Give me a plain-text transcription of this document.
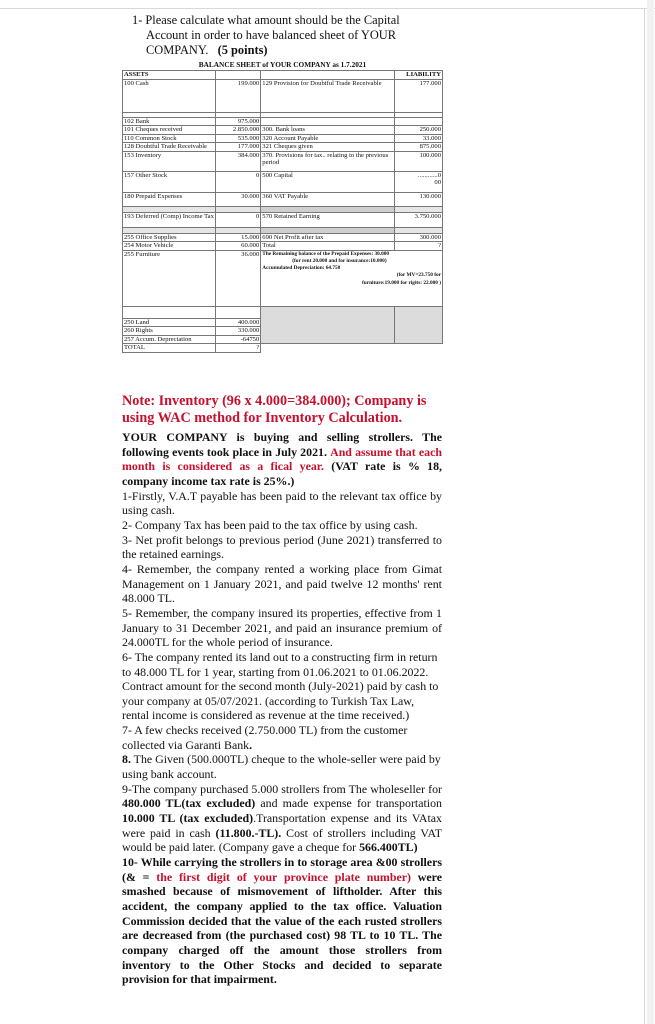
1- Please calculate what amount should be the Capital
Account in order to have balanced sheet of YOUR
COMPANY. (5 points)
BALANCE SHEET of YOUR COMPANY as 1.7.2021
ASSETS			LIABILITY
100 Cash	199.000	129 Provision for Doubtful Trade Receivable	177.000

102 Bank	975.000		
101 Cheques received	2.850.000	300. Bank loans	250.000
110 Common Stock	535.000	320 Account Payable	33.000
128 Doubtful Trade Receivable	177.000	321 Cheques given	875.000
153 Inventory	384.000	370. Provisions for tax.. relating to the previous period	100.000
157 Other Stock	0	500 Capital	............0
00
180 Prepaid Expenses	30.000	360 VAT Payable	130.000

193 Deferred (Comp) Income Tax	0	570 Retained Earning	3.750.000

255 Office Supplies	15.000	690 Net Profit after tax	300.000
254 Motor Vehicle	60.000	Total	?
255 Furniture	36.000	The Remaining balance of the Prepaid Expenses: 30.000
(for rent 20.000 and for insurance:10.000)
Accumulated Depreciation: 64.750
(for MV=23.750 for
furniture:19.000 for rigits: 22.000 )	

250 Land	400.000		
260 Rights	330.000		
257 Accum. Depreciation	-64750		
TOTAL	?		

Note: Inventory (96 x 4.000=384.000); Company is
using WAC method for Inventory Calculation.

YOUR COMPANY is buying and selling strollers. The following events took place in July 2021. And assume that each month is considered as a fical year. (VAT rate is % 18, company income tax rate is 25%.)

1-Firstly, V.A.T payable has been paid to the relevant tax office by using cash.

2- Company Tax has been paid to the tax office by using cash.

3- Net profit belongs to previous period (June 2021) transferred to the retained earnings.

4- Remember, the company rented a working place from Gimat Management on 1 January 2021, and paid twelve 12 months' rent 48.000 TL.

5- Remember, the company insured its properties, effective from 1 January to 31 December 2021, and paid an insurance premium of 24.000TL for the whole period of insurance.

6- The company rented its land out to a constructing firm in return to 48.000 TL for 1 year, starting from 01.06.2021 to 01.06.2022. Contract amount for the second month (July-2021) paid by cash to your company at 05/07/2021. (according to Turkish Tax Law, rental income is considered as revenue at the time received.)

7- A few checks received (2.750.000 TL) from the customer collected via Garanti Bank.

8. The Given (500.000TL) cheque to the whole-seller were paid by using bank account.

9-The company purchased 5.000 strollers from The wholeseller for 480.000 TL(tax excluded) and made expense for transportation 10.000 TL (tax excluded).Transportation expense and its VAtax were paid in cash (11.800.-TL). Cost of strollers including VAT would be paid later. (Company gave a cheque for 566.400TL)

10- While carrying the strollers in to storage area &00 strollers (& = the first digit of your province plate number) were smashed because of mismovement of liftholder. After this accident, the company applied to the tax office. Valuation Commission decided that the value of the each rusted strollers are decreased from (the purchased cost) 98 TL to 10 TL. The company charged off the amount those strollers from inventory to the Other Stocks and decided to separate provision for that impairment.
